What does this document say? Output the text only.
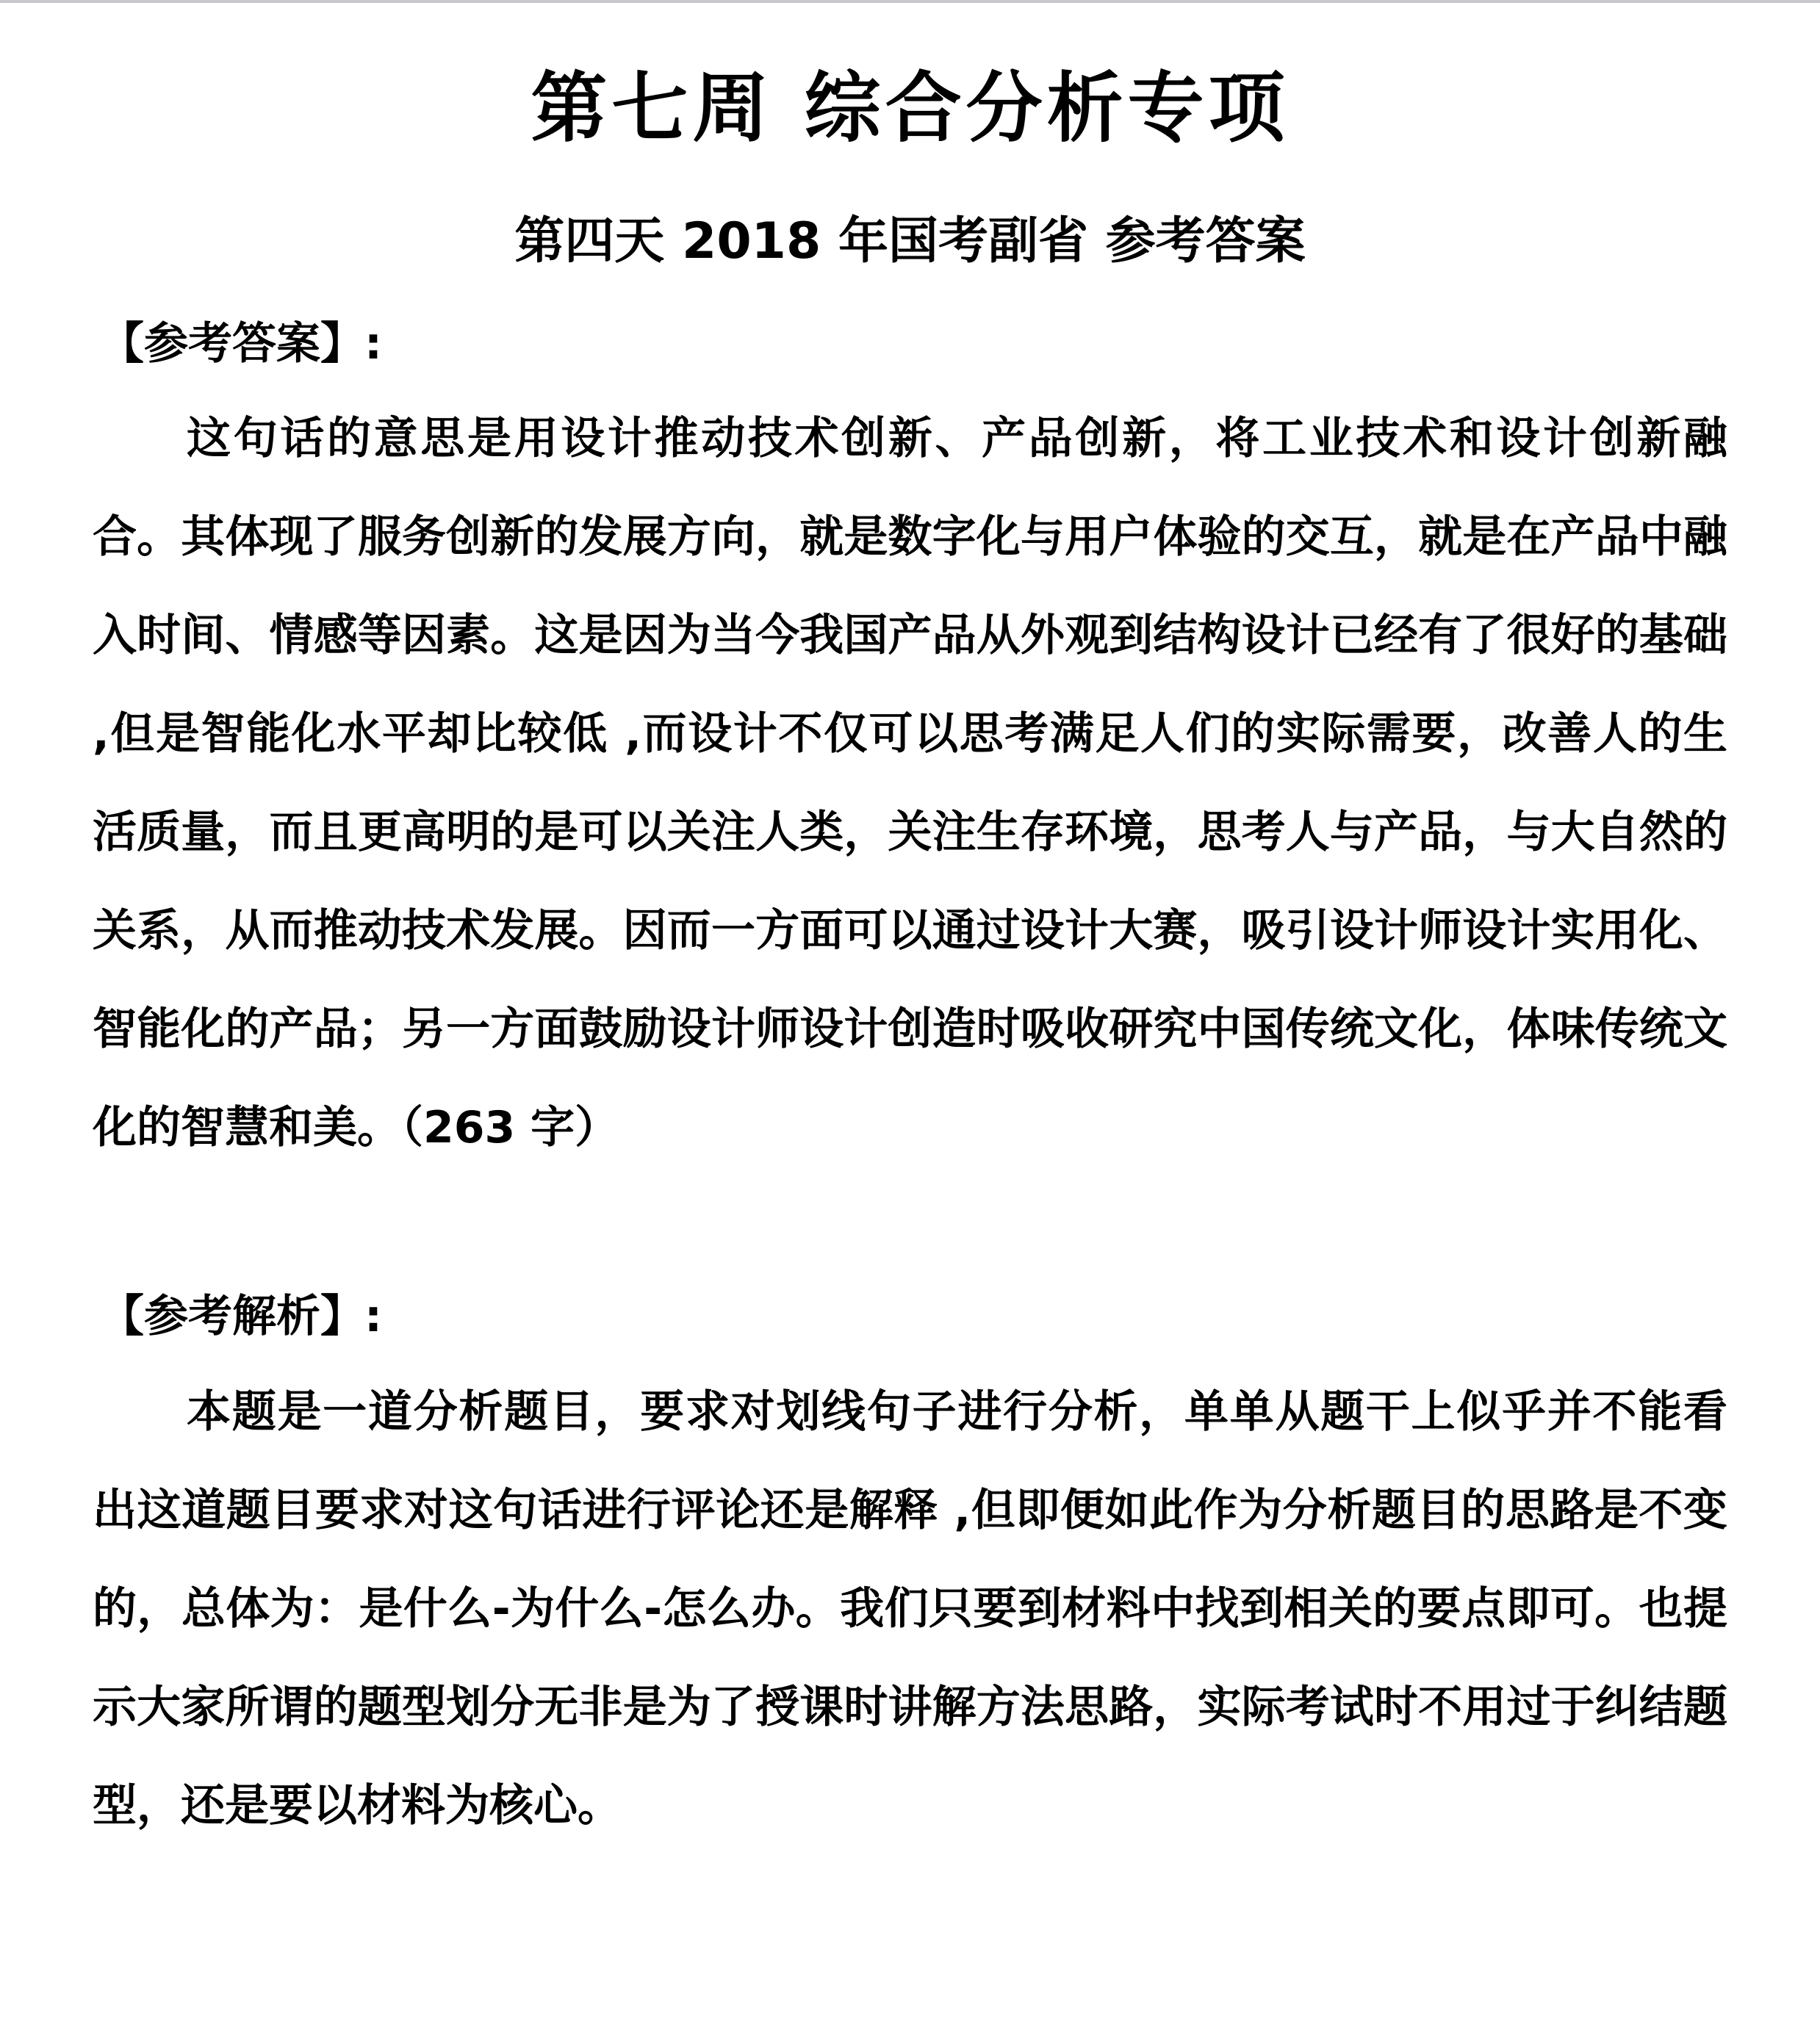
第七周 综合分析专项
第四天 2018 年国考副省 参考答案
【参考答案】:
这句话的意思是用设计推动技术创新、产品创新，将工业技术和设计创新融合。其体现了服务创新的发展方向，就是数字化与用户体验的交互，就是在产品中融入时间、情感等因素。这是因为当今我国产品从外观到结构设计已经有了很好的基础 ,但是智能化水平却比较低 ,而设计不仅可以思考满足人们的实际需要，改善人的生活质量，而且更高明的是可以关注人类，关注生存环境，思考人与产品，与大自然的关系，从而推动技术发展。因而一方面可以通过设计大赛，吸引设计师设计实用化、智能化的产品；另一方面鼓励设计师设计创造时吸收研究中国传统文化，体味传统文化的智慧和美。（263 字）
【参考解析】:
本题是一道分析题目，要求对划线句子进行分析，单单从题干上似乎并不能看出这道题目要求对这句话进行评论还是解释 ,但即便如此作为分析题目的思路是不变的，总体为：是什么-为什么-怎么办。我们只要到材料中找到相关的要点即可。也提示大家所谓的题型划分无非是为了授课时讲解方法思路，实际考试时不用过于纠结题型，还是要以材料为核心。
